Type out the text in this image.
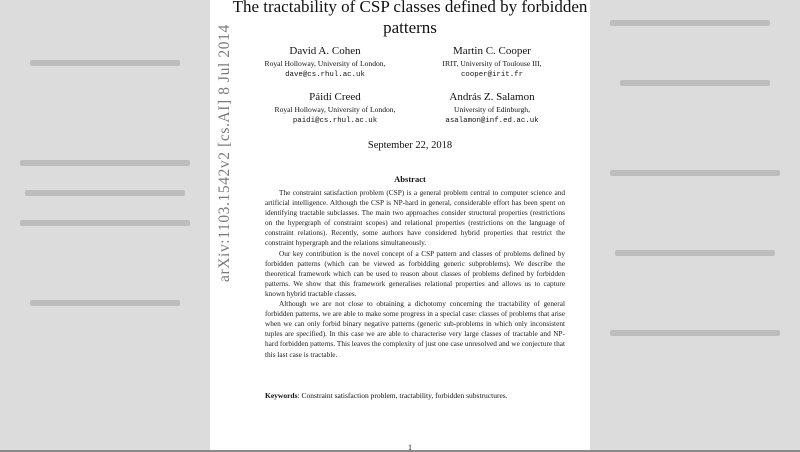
The tractability of CSP classes defined by forbidden patterns
arXiv:1103.1542v2 [cs.AI] 8 Jul 2014	David A. Cohen
Royal Holloway, University of London,
dave@cs.rhul.ac.uk
Martin C. Cooper
IRIT, University of Toulouse III,
cooper@irit.fr
Páidí Creed
Royal Holloway, University of London,
paidi@cs.rhul.ac.uk
András Z. Salamon
University of Edinburgh,
asalamon@inf.ed.ac.uk
September 22, 2018
Abstract

The constraint satisfaction problem (CSP) is a general problem central to computer science and artificial intelligence. Although the CSP is NP-hard in general, considerable effort has been spent on identifying tractable subclasses. The main two approaches consider structural properties (restrictions on the hypergraph of constraint scopes) and relational properties (restrictions on the language of constraint relations). Recently, some authors have considered hybrid properties that restrict the constraint hypergraph and the relations simultaneously.

Our key contribution is the novel concept of a CSP pattern and classes of problems defined by forbidden patterns (which can be viewed as forbidding generic subproblems). We describe the theoretical framework which can be used to reason about classes of problems defined by forbidden patterns. We show that this framework generalises relational properties and allows us to capture known hybrid tractable classes.

Although we are not close to obtaining a dichotomy concerning the tractability of general forbidden patterns, we are able to make some progress in a special case: classes of problems that arise when we can only forbid binary negative patterns (generic sub-problems in which only inconsistent tuples are specified). In this case we are able to characterise very large classes of tractable and NP-hard forbidden patterns. This leaves the complexity of just one case unresolved and we conjecture that this last case is tractable.

Keywords: Constraint satisfaction problem, tractability, forbidden substructures.
1
